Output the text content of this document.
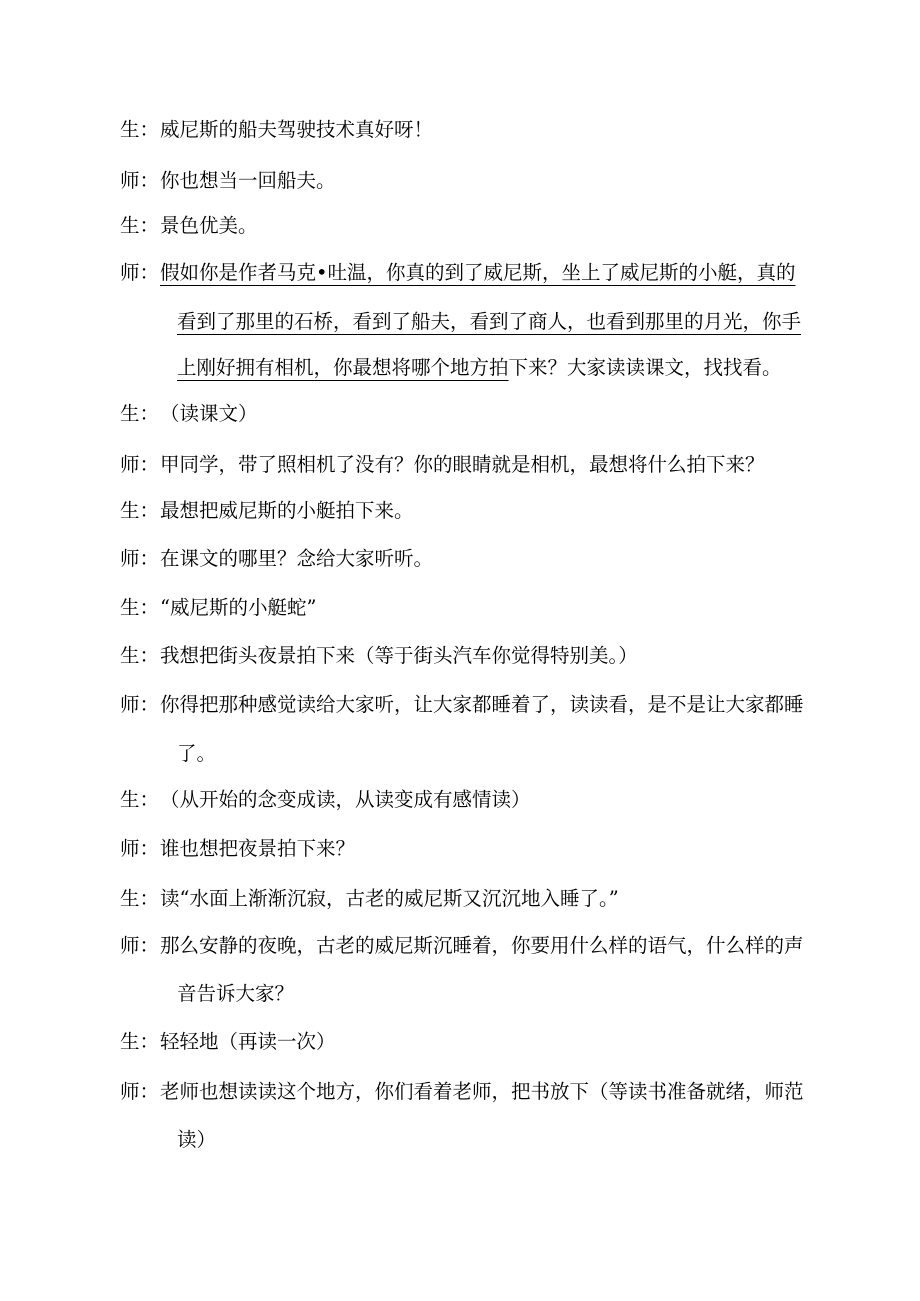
生：威尼斯的船夫驾驶技术真好呀！
师：你也想当一回船夫。
生：景色优美。
师：假如你是作者马克•吐温，你真的到了威尼斯，坐上了威尼斯的小艇，真的
看到了那里的石桥，看到了船夫，看到了商人，也看到那里的月光，你手
上刚好拥有相机，你最想将哪个地方拍下来？大家读读课文，找找看。
生：（读课文）
师：甲同学，带了照相机了没有？你的眼睛就是相机，最想将什么拍下来？
生：最想把威尼斯的小艇拍下来。
师：在课文的哪里？念给大家听听。
生：“威尼斯的小艇蛇”
生：我想把街头夜景拍下来（等于街头汽车你觉得特别美。）
师：你得把那种感觉读给大家听，让大家都睡着了，读读看，是不是让大家都睡
了。
生：（从开始的念变成读，从读变成有感情读）
师：谁也想把夜景拍下来？
生：读“水面上渐渐沉寂，古老的威尼斯又沉沉地入睡了。”
师：那么安静的夜晚，古老的威尼斯沉睡着，你要用什么样的语气，什么样的声
音告诉大家？
生：轻轻地（再读一次）
师：老师也想读读这个地方，你们看着老师，把书放下（等读书准备就绪，师范
读）
